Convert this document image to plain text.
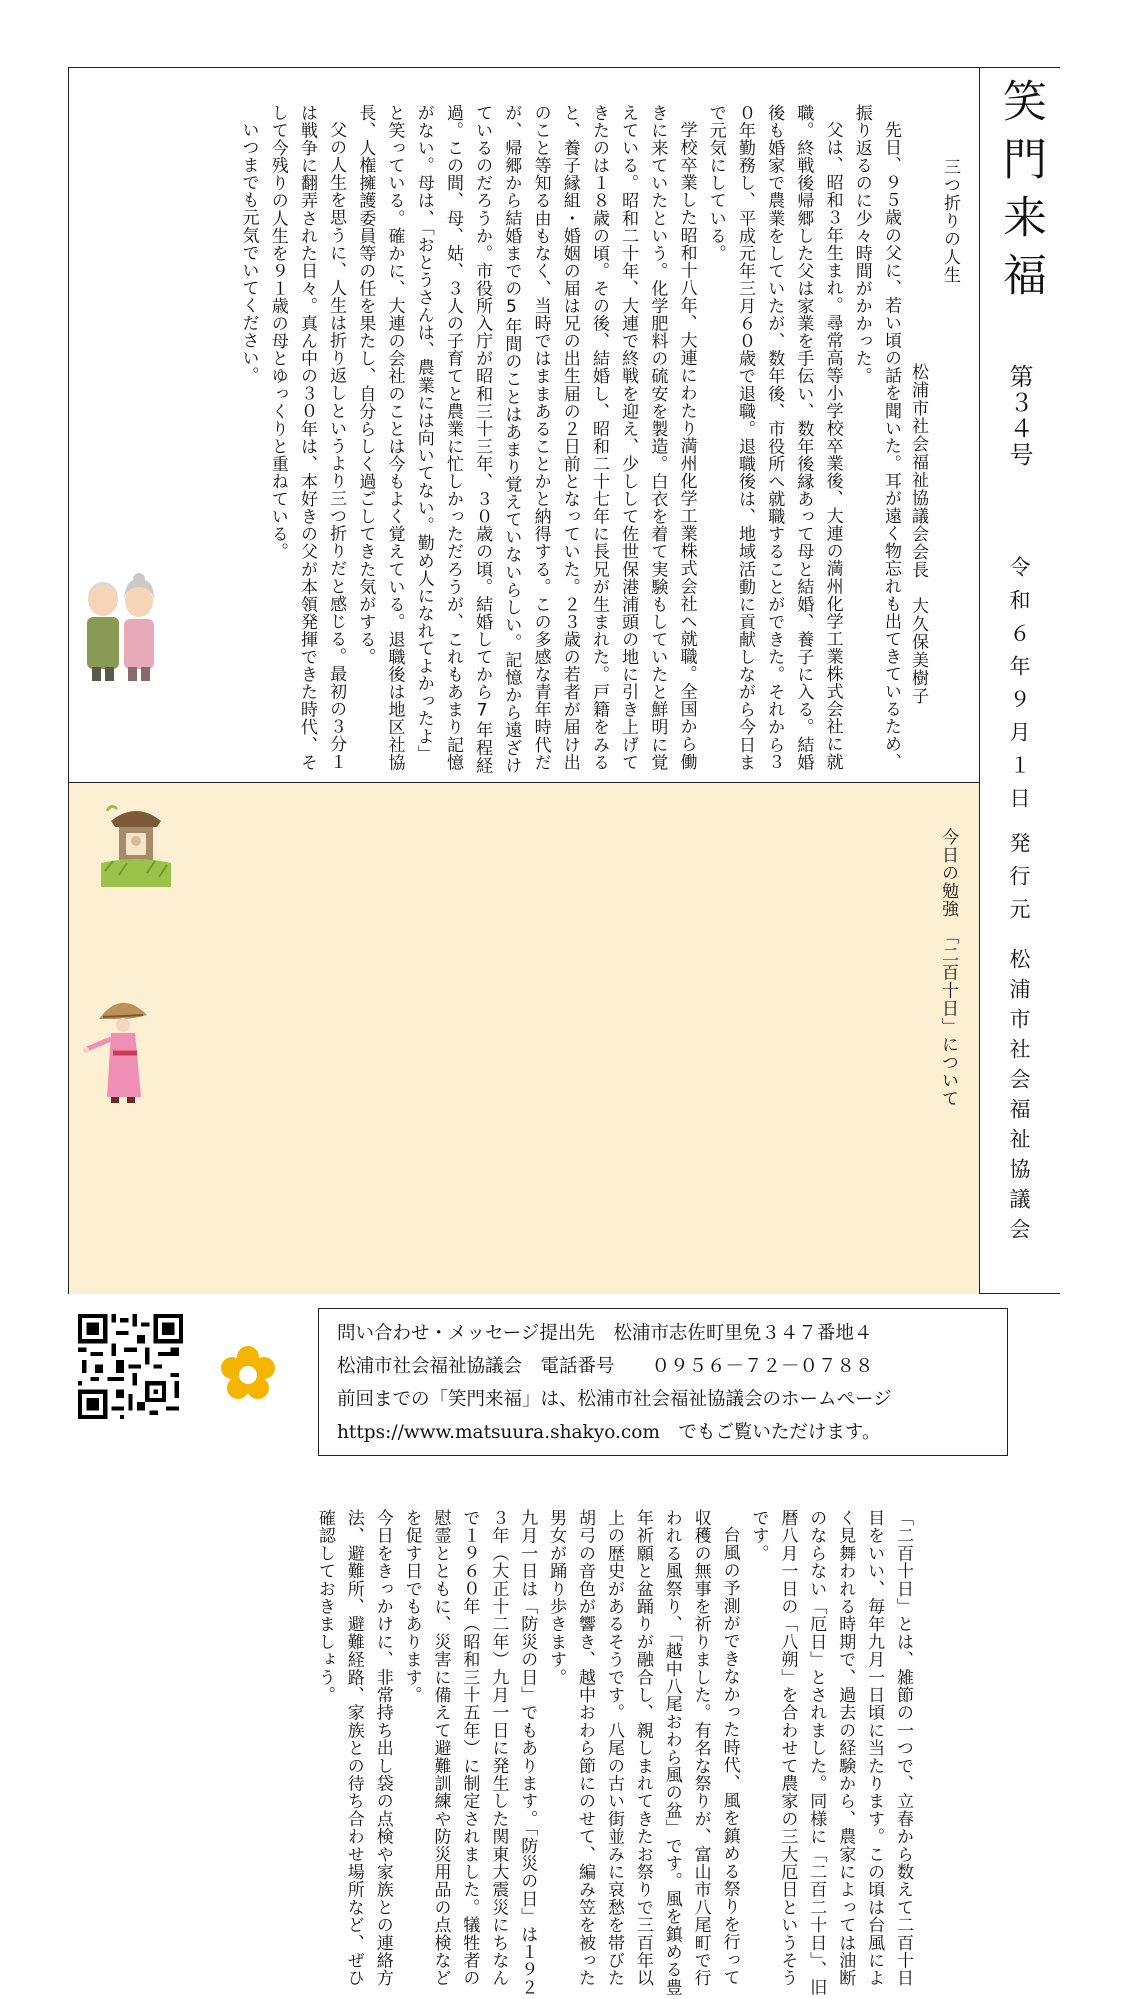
三つ折りの人生
松浦市社会福祉協議会会長　大久保美樹子

先日、９５歳の父に、若い頃の話を聞いた。耳が遠く物忘れも出てきているため、振り返るのに少々時間がかかった。

父は、昭和３年生まれ。尋常高等小学校卒業後、大連の満州化学工業株式会社に就職。終戦後帰郷した父は家業を手伝い、数年後縁あって母と結婚、養子に入る。結婚後も婚家で農業をしていたが、数年後、市役所へ就職することができた。それから３０年勤務し、平成元年三月６０歳で退職。退職後は、地域活動に貢献しながら今日まで元気にしている。

学校卒業した昭和十八年、大連にわたり満州化学工業株式会社へ就職。全国から働きに来ていたという。化学肥料の硫安を製造。白衣を着て実験もしていたと鮮明に覚えている。昭和二十年、大連で終戦を迎え、少しして佐世保港浦頭の地に引き上げてきたのは１８歳の頃。その後、結婚し、昭和二十七年に長兄が生まれた。戸籍をみると、養子縁組・婚姻の届は兄の出生届の２日前となっていた。２３歳の若者が届け出のこと等知る由もなく、当時ではままあることかと納得する。この多感な青年時代だが、帰郷から結婚までの5年間のことはあまり覚えていないらしい。記憶から遠ざけているのだろうか。市役所入庁が昭和三十三年、３０歳の頃。結婚してから7年程経過。この間、母、姑、３人の子育てと農業に忙しかっただろうが、これもあまり記憶がない。母は、「おとうさんは、農業には向いてない。勤め人になれてよかったよ」と笑っている。確かに、大連の会社のことは今もよく覚えている。退職後は地区社協長、人権擁護委員等の任を果たし、自分らしく過ごしてきた気がする。

父の人生を思うに、人生は折り返しというより三つ折りだと感じる。最初の３分１は戦争に翻弄された日々。真ん中の３０年は、本好きの父が本領発揮できた時代、そして今残りの人生を９１歳の母とゆっくりと重ねている。

いつまでも元気でいてください。

「二百十日」とは、雑節の一つで、立春から数えて二百十日目をいい、毎年九月一日頃に当たります。この頃は台風によく見舞われる時期で、過去の経験から、農家によっては油断のならない「厄日」とされました。同様に「二百二十日」、旧暦八月一日の「八朔」を合わせて農家の三大厄日というそうです。

台風の予測ができなかった時代、風を鎮める祭りを行って収穫の無事を祈りました。有名な祭りが、富山市八尾町で行われる風祭り、「越中八尾おわら風の盆」です。風を鎮める豊年祈願と盆踊りが融合し、親しまれてきたお祭りで三百年以上の歴史があるそうです。八尾の古い街並みに哀愁を帯びた胡弓の音色が響き、越中おわら節にのせて、編み笠を被った男女が踊り歩きます。

九月一日は「防災の日」でもあります。「防災の日」は１９２３年（大正十二年）九月一日に発生した関東大震災にちなんで１９６０年（昭和三十五年）に制定されました。犠牲者の慰霊とともに、災害に備えて避難訓練や防災用品の点検などを促す日でもあります。

今日をきっかけに、非常持ち出し袋の点検や家族との連絡方法、避難所、避難経路、家族との待ち合わせ場所など、ぜひ確認しておきましょう。

今日の勉強　「二百十日」について
笑門来福
第３４号
令和６年９月１日
発行元
松浦市社会福祉協議会
問い合わせ・メッセージ提出先　松浦市志佐町里免３４７番地４
松浦市社会福祉協議会　電話番号　　０９５６－７２－０７８８
前回までの「笑門来福」は、松浦市社会福祉協議会のホームページ
https://www.matsuura.shakyo.com　でもご覧いただけます。
